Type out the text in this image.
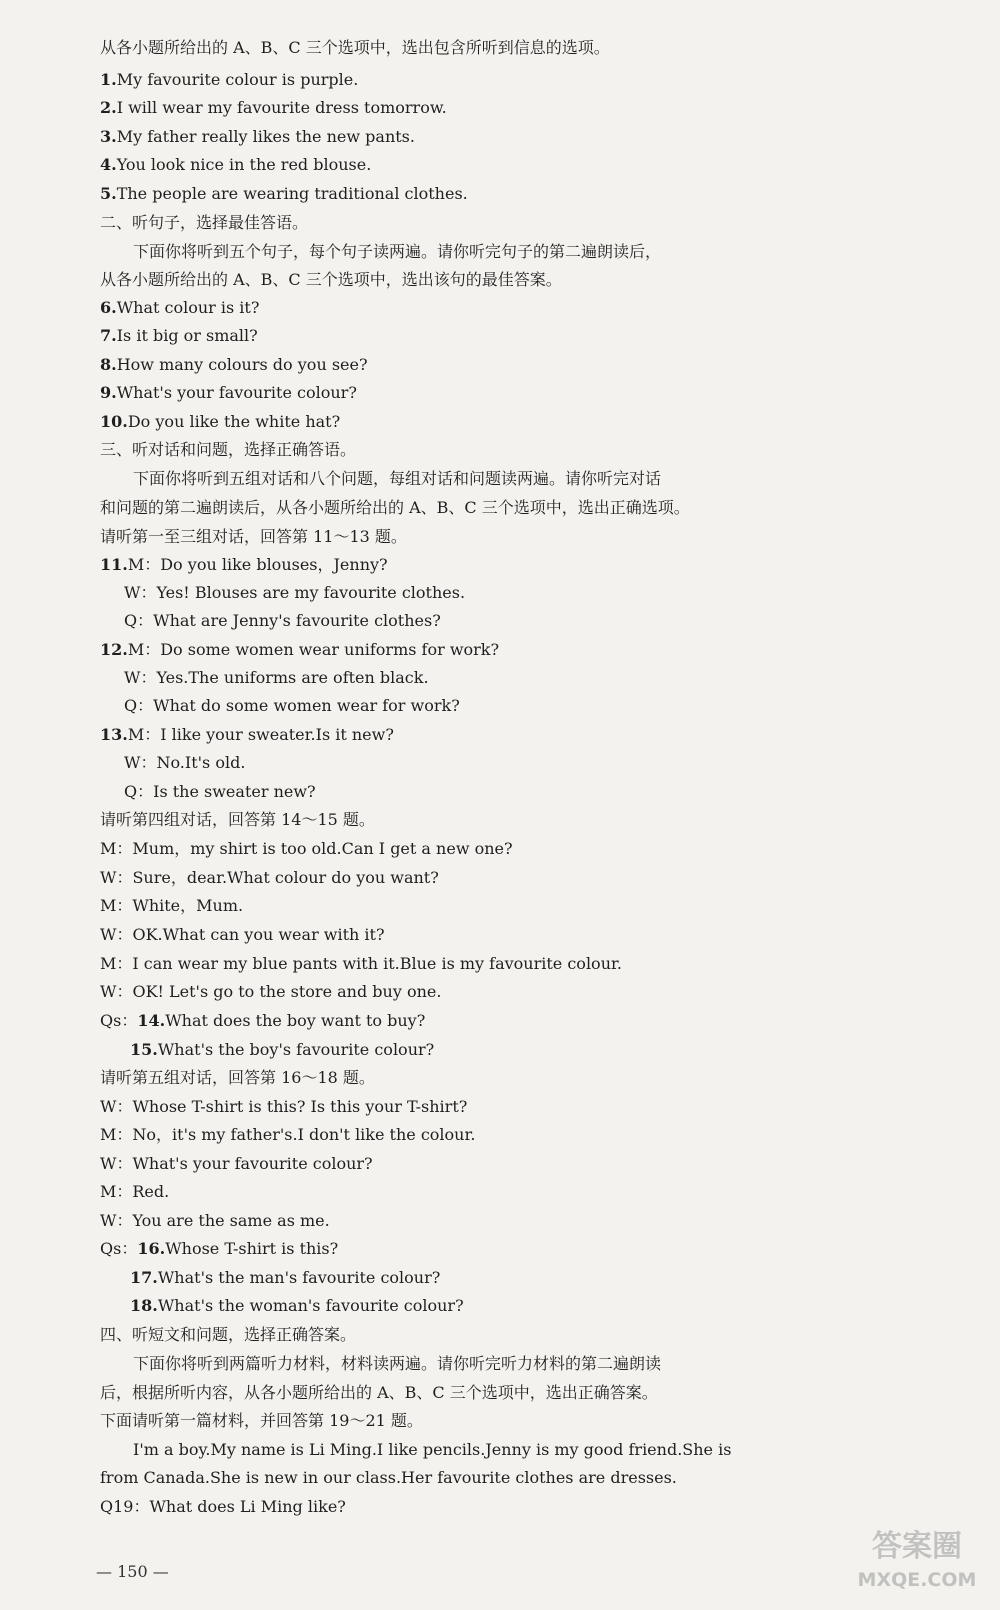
从各小题所给出的 A、B、C 三个选项中，选出包含所听到信息的选项。
1.My favourite colour is purple.
2.I will wear my favourite dress tomorrow.
3.My father really likes the new pants.
4.You look nice in the red blouse.
5.The people are wearing traditional clothes.
二、听句子，选择最佳答语。
下面你将听到五个句子，每个句子读两遍。请你听完句子的第二遍朗读后，
从各小题所给出的 A、B、C 三个选项中，选出该句的最佳答案。
6.What colour is it?
7.Is it big or small?
8.How many colours do you see?
9.What's your favourite colour?
10.Do you like the white hat?
三、听对话和问题，选择正确答语。
下面你将听到五组对话和八个问题，每组对话和问题读两遍。请你听完对话
和问题的第二遍朗读后，从各小题所给出的 A、B、C 三个选项中，选出正确选项。
请听第一至三组对话，回答第 11～13 题。
11.M：Do you like blouses，Jenny?
W：Yes! Blouses are my favourite clothes.
Q：What are Jenny's favourite clothes?
12.M：Do some women wear uniforms for work?
W：Yes.The uniforms are often black.
Q：What do some women wear for work?
13.M：I like your sweater.Is it new?
W：No.It's old.
Q：Is the sweater new?
请听第四组对话，回答第 14～15 题。
M：Mum，my shirt is too old.Can I get a new one?
W：Sure，dear.What colour do you want?
M：White，Mum.
W：OK.What can you wear with it?
M：I can wear my blue pants with it.Blue is my favourite colour.
W：OK! Let's go to the store and buy one.
Qs：14.What does the boy want to buy?
15.What's the boy's favourite colour?
请听第五组对话，回答第 16～18 题。
W：Whose T-shirt is this? Is this your T-shirt?
M：No，it's my father's.I don't like the colour.
W：What's your favourite colour?
M：Red.
W：You are the same as me.
Qs：16.Whose T-shirt is this?
17.What's the man's favourite colour?
18.What's the woman's favourite colour?
四、听短文和问题，选择正确答案。
下面你将听到两篇听力材料，材料读两遍。请你听完听力材料的第二遍朗读
后，根据所听内容，从各小题所给出的 A、B、C 三个选项中，选出正确答案。
下面请听第一篇材料，并回答第 19～21 题。
I'm a boy.My name is Li Ming.I like pencils.Jenny is my good friend.She is
from Canada.She is new in our class.Her favourite clothes are dresses.
Q19：What does Li Ming like?
— 150 —
答案圈
MXQE.COM
